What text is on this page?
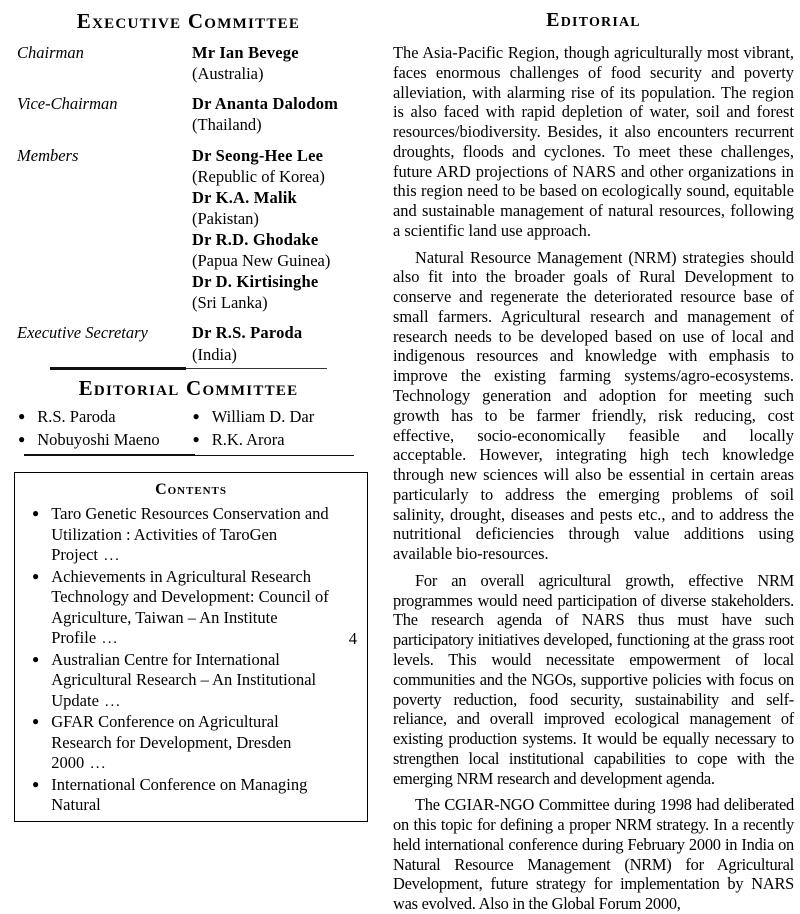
Executive Committee
Chairman	Mr Ian Bevege
(Australia)

Vice-Chairman	Dr Ananta Dalodom
(Thailand)

Members	Dr Seong-Hee Lee
(Republic of Korea)
Dr K.A. Malik
(Pakistan)
Dr R.D. Ghodake
(Papua New Guinea)
Dr D. Kirtisinghe
(Sri Lanka)

Executive Secretary	Dr R.S. Paroda
(India)
Editorial Committee
● R.S. Paroda	● William D. Dar
● Nobuyoshi Maeno	● R.K. Arora
Contents
● Taro Genetic Resources Conservation and Utilization : Activities of TaroGen Project ...
● Achievements in Agricultural Research Technology and Development: Council of Agriculture, Taiwan – An Institute Profile ...	4
● Australian Centre for International Agricultural Research – An Institutional Update ...
● GFAR Conference on Agricultural Research for Development, Dresden 2000 ...
● International Conference on Managing Natural
Editorial

The Asia-Pacific Region, though agriculturally most vibrant, faces enormous challenges of food security and poverty alleviation, with alarming rise of its population. The region is also faced with rapid depletion of water, soil and forest resources/biodiversity. Besides, it also encounters recurrent droughts, floods and cyclones. To meet these challenges, future ARD projections of NARS and other organizations in this region need to be based on ecologically sound, equitable and sustainable management of natural resources, following a scientific land use approach.

Natural Resource Management (NRM) strategies should also fit into the broader goals of Rural Development to conserve and regenerate the deteriorated resource base of small farmers. Agricultural research and management of research needs to be developed based on use of local and indigenous resources and knowledge with emphasis to improve the existing farming systems/agro-ecosystems. Technology generation and adoption for meeting such growth has to be farmer friendly, risk reducing, cost effective, socio-economically feasible and locally acceptable. However, integrating high tech knowledge through new sciences will also be essential in certain areas particularly to address the emerging problems of soil salinity, drought, diseases and pests etc., and to address the nutritional deficiencies through value additions using available bio-resources.

For an overall agricultural growth, effective NRM programmes would need participation of diverse stakeholders. The research agenda of NARS thus must have such participatory initiatives developed, functioning at the grass root levels. This would necessitate empowerment of local communities and the NGOs, supportive policies with focus on poverty reduction, food security, sustainability and self-reliance, and overall improved ecological management of existing production systems. It would be equally necessary to strengthen local institutional capabilities to cope with the emerging NRM research and development agenda.

The CGIAR-NGO Committee during 1998 had deliberated on this topic for defining a proper NRM strategy. In a recently held international conference during February 2000 in India on Natural Resource Management (NRM) for Agricultural Development, future strategy for implementation by NARS was evolved. Also in the Global Forum 2000,
